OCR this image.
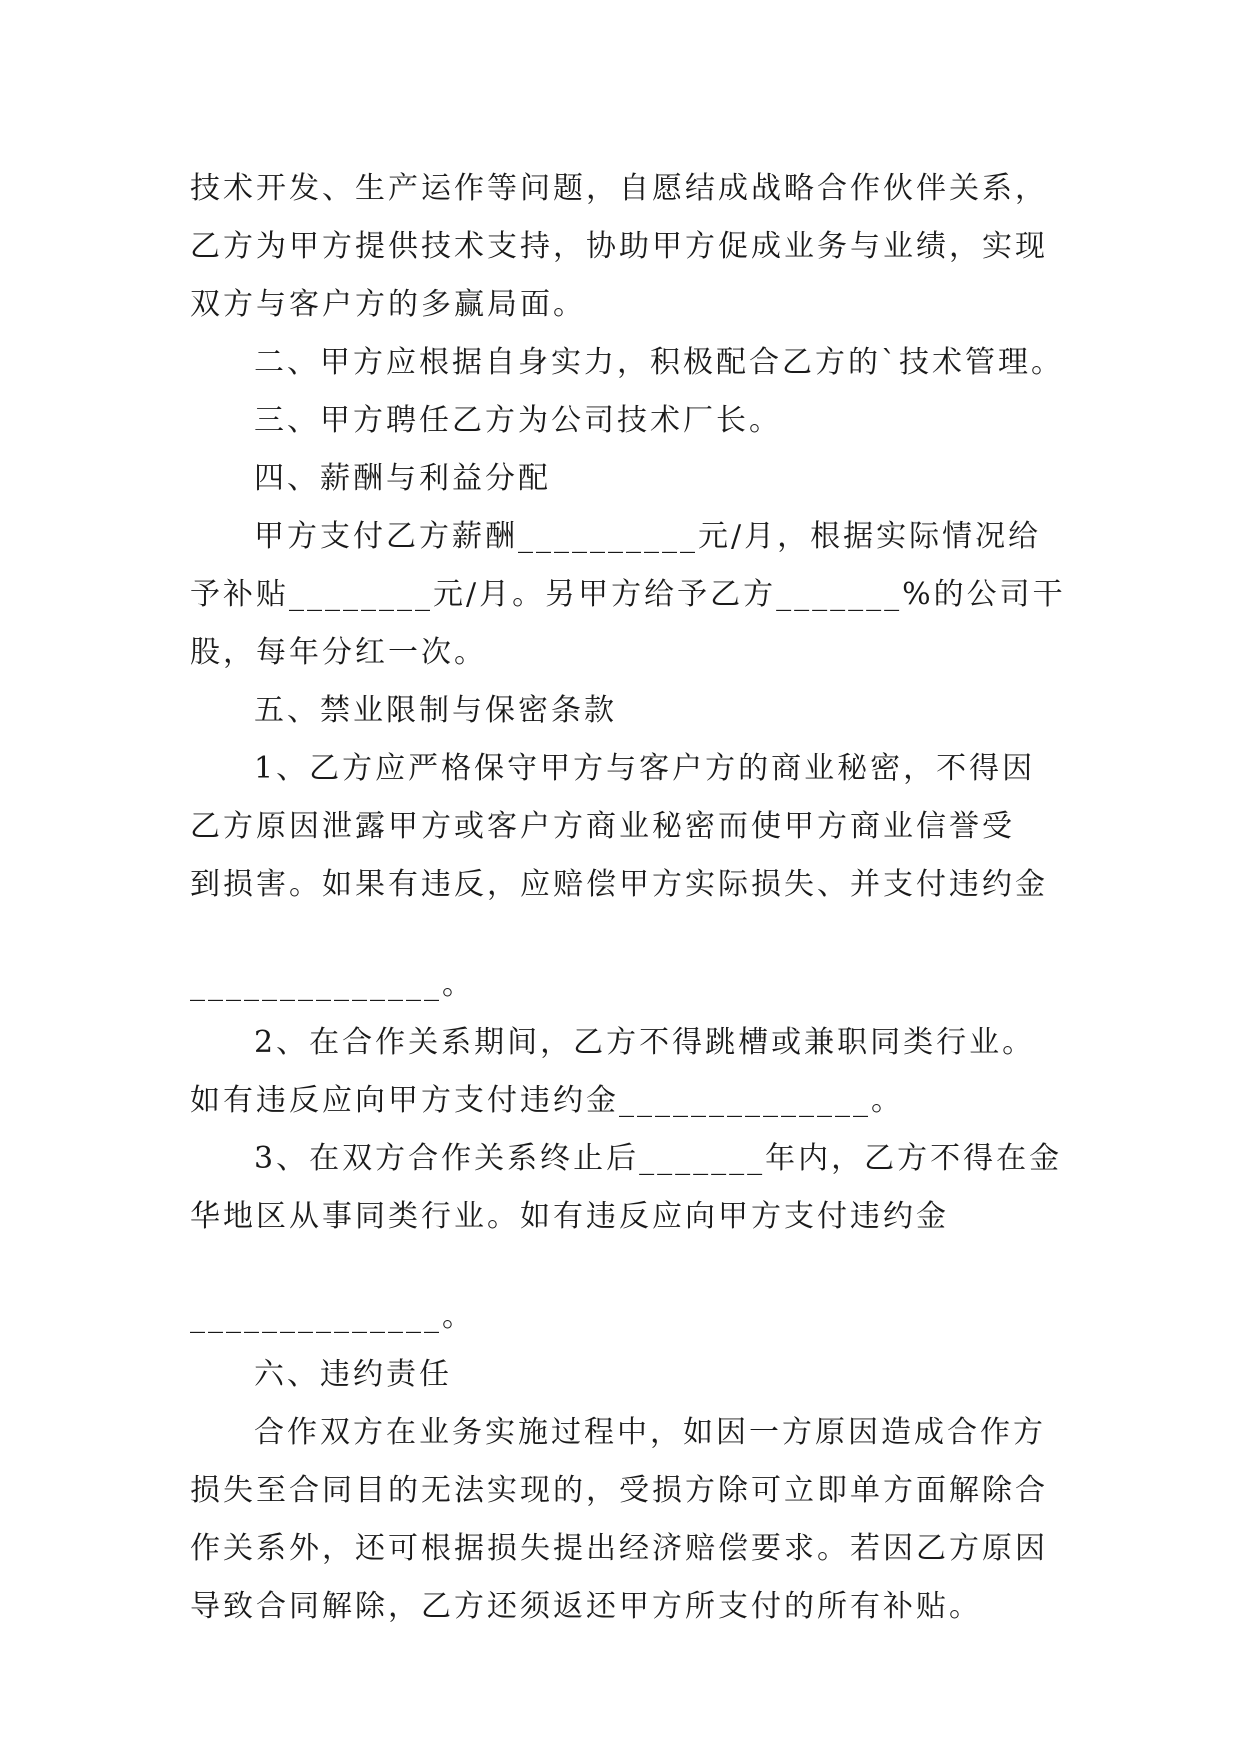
技术开发、生产运作等问题，自愿结成战略合作伙伴关系，
乙方为甲方提供技术支持，协助甲方促成业务与业绩，实现
双方与客户方的多赢局面。
二、甲方应根据自身实力，积极配合乙方的`技术管理。
三、甲方聘任乙方为公司技术厂长。
四、薪酬与利益分配
甲方支付乙方薪酬__________元/月，根据实际情况给
予补贴________元/月。另甲方给予乙方_______%的公司干
股，每年分红一次。
五、禁业限制与保密条款
1、乙方应严格保守甲方与客户方的商业秘密，不得因
乙方原因泄露甲方或客户方商业秘密而使甲方商业信誉受
到损害。如果有违反，应赔偿甲方实际损失、并支付违约金
______________。
2、在合作关系期间，乙方不得跳槽或兼职同类行业。
如有违反应向甲方支付违约金______________。
3、在双方合作关系终止后_______年内，乙方不得在金
华地区从事同类行业。如有违反应向甲方支付违约金
______________。
六、违约责任
合作双方在业务实施过程中，如因一方原因造成合作方
损失至合同目的无法实现的，受损方除可立即单方面解除合
作关系外，还可根据损失提出经济赔偿要求。若因乙方原因
导致合同解除，乙方还须返还甲方所支付的所有补贴。
